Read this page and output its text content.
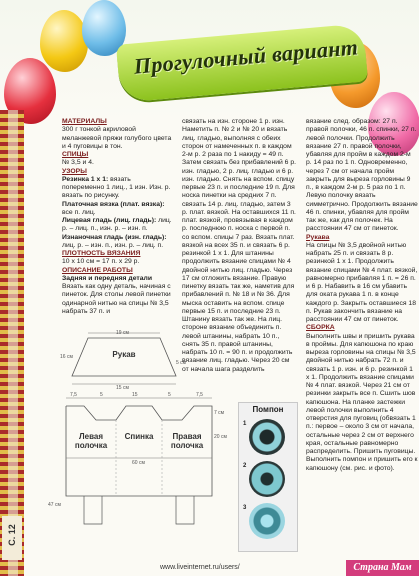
Прогулочный вариант
С. 12

МАТЕРИАЛЫ

300 г тонкой акриловой меланжевой пряжи голубого цвета и 4 пуговицы в тон.

СПИЦЫ

№ 3,5 и 4.

УЗОРЫ

Резинка 1 х 1: вязать попеременно 1 лиц., 1 изн. Изн. р. вязать по рисунку.

Платочная вязка (плат. вязка): все п. лиц.

Лицевая гладь (лиц. гладь): лиц. р. – лиц. п., изн. р. – изн. п.

Изнаночная гладь (изн. гладь): лиц. р. – изн. п., изн. р. – лиц. п.

ПЛОТНОСТЬ ВЯЗАНИЯ

10 х 10 см = 17 п. х 29 р.

ОПИСАНИЕ РАБОТЫ

Задняя и передняя детали

Вязать как одну деталь, начиная с пинеток. Для столы левой пинетки одинарной нитью на спицы № 3,5 набрать 37 п. и

связать на изн. стороне 1 р. изн. Наметить п. № 2 и № 20 и вязать лиц. гладью, выполняя с обеих сторон от намеченных п. в каждом 2-м р. 2 раза по 1 накиду = 49 п. Затем связать без прибавлений 6 р. изн. гладью, 2 р. лиц. гладью и 6 р. изн. гладью. Снять на вспом. спицу первые 23 п. и последние 19 п. Для носка пинетки на средних 7 п. связать 14 р. лиц. гладью, затем 3 р. плат. вязкой. На оставшихся 11 п. плат. вязкой, провязывая в каждом р. последнюю п. носка с первой п. со вспом. спицы 7 раз. Вязать плат. вязкой на всех 35 п. и связать 6 р. резинкой 1 х 1. Для штанины продолжить вязание спицами № 4 двойной нитью лиц. гладью. Через 17 см отложить вязание. Правую пинетку вязать так же, наметив для прибавлений п. № 18 и № 36. Для мыска оставить на вспом. спице первые 15 п. и последние 23 п. Штанину вязать так же. На лиц. стороне вязание объединить п. левой штанины, набрать 10 п., снять 35 п. правой штанины, набрать 10 п. = 90 п. и продолжить вязание лиц. гладью. Через 20 см от начала шага разделить

вязание след. образом: 27 п. правой полочки, 46 п. спинки, 27 п. левой полочки. Продолжить вязание 27 п. правой полочки, убавляя для пройм в каждом 2-м р. 14 раз по 1 п. Одновременно, через 7 см от начала пройм закрыть для выреза горловины 9 п., в каждом 2-м р. 5 раз по 1 п. Левую полочку вязать симметрично. Продолжить вязание 46 п. спинки, убавляя для пройм так же, как для полочек. На расстоянии 47 см от пинеток.

Рукава

На спицы № 3,5 двойной нитью набрать 25 п. и связать 8 р. резинкой 1 х 1. Продолжить вязание спицами № 4 плат. вязкой, равномерно прибавляя 1 п. = 26 п. и 6 р. Набавить в 16 см убавить для оката рукава 1 п. в конце каждого р. Закрыть оставшиеся 18 п. Рукав закончить вязание на расстоянии 47 см от пинеток.

СБОРКА

Выполнить швы и пришить рукава в проймы. Для капюшона по краю выреза горловины на спицы № 3,5 двойной нитью набрать 72 п. и связать 1 р. изн. и 6 р. резинкой 1 х 1. Продолжить вязание спицами № 4 плат. вязкой. Через 21 см от резинки закрыть все п. Сшить шов капюшона. На планке застежки левой полочки выполнить 4 отверстия для пуговиц (обвязать 1 п.: первое – около 3 см от начала, остальные через 2 см от верхнего края, остальные равномерно распределить. Пришить пуговицы. Выполнить помпон и пришить его к капюшону (см. рис. и фото).

Рукав
19 см
15 см
16 см
5 см
Левая полочка
Спинка	Правая полочка
7,5	5	15	5	7,5
60 см
20 см
7 см
47 см
Помпон
1
2
3
www.liveinternet.ru/users/	Страна Мам
